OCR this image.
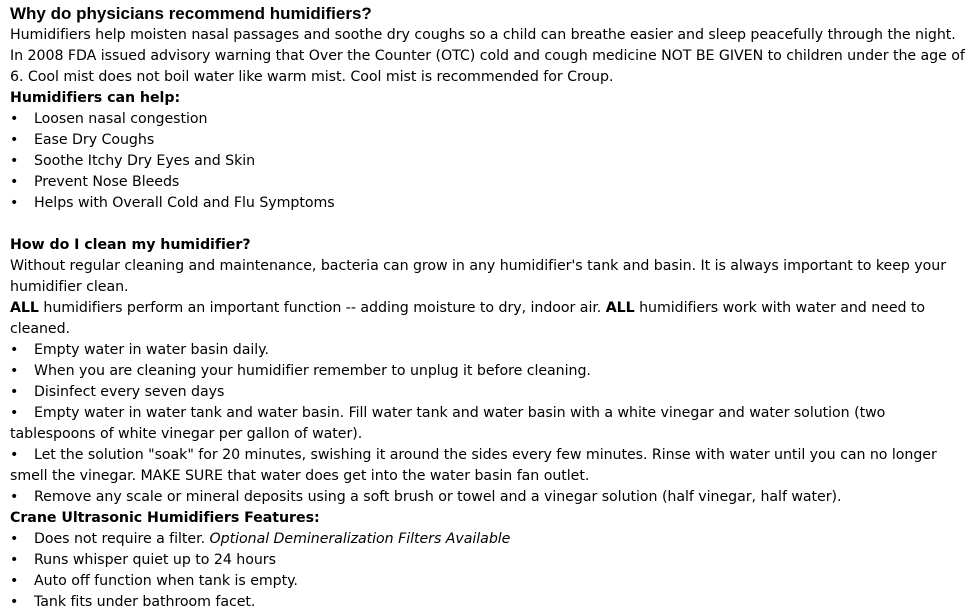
Why do physicians recommend humidifiers?

Humidifiers help moisten nasal passages and soothe dry coughs so a child can breathe easier and sleep peacefully through the night. In 2008 FDA issued advisory warning that Over the Counter (OTC) cold and cough medicine NOT BE GIVEN to children under the age of 6. Cool mist does not boil water like warm mist. Cool mist is recommended for Croup.

Humidifiers can help:

•	Loosen nasal congestion
•	Ease Dry Coughs
•	Soothe Itchy Dry Eyes and Skin
•	Prevent Nose Bleeds
•	Helps with Overall Cold and Flu Symptoms

How do I clean my humidifier?

Without regular cleaning and maintenance, bacteria can grow in any humidifier's tank and basin. It is always important to keep your humidifier clean.

ALL humidifiers perform an important function -- adding moisture to dry, indoor air. ALL humidifiers work with water and need to cleaned.

•	Empty water in water basin daily.
•	When you are cleaning your humidifier remember to unplug it before cleaning.
•	Disinfect every seven days
• Empty water in water tank and water basin. Fill water tank and water basin with a white vinegar and water solution (two tablespoons of white vinegar per gallon of water).
• Let the solution "soak" for 20 minutes, swishing it around the sides every few minutes. Rinse with water until you can no longer smell the vinegar. MAKE SURE that water does get into the water basin fan outlet.
•	Remove any scale or mineral deposits using a soft brush or towel and a vinegar solution (half vinegar, half water).

Crane Ultrasonic Humidifiers Features:

•	Does not require a filter. Optional Demineralization Filters Available
•	Runs whisper quiet up to 24 hours
•	Auto off function when tank is empty.
•	Tank fits under bathroom facet.
